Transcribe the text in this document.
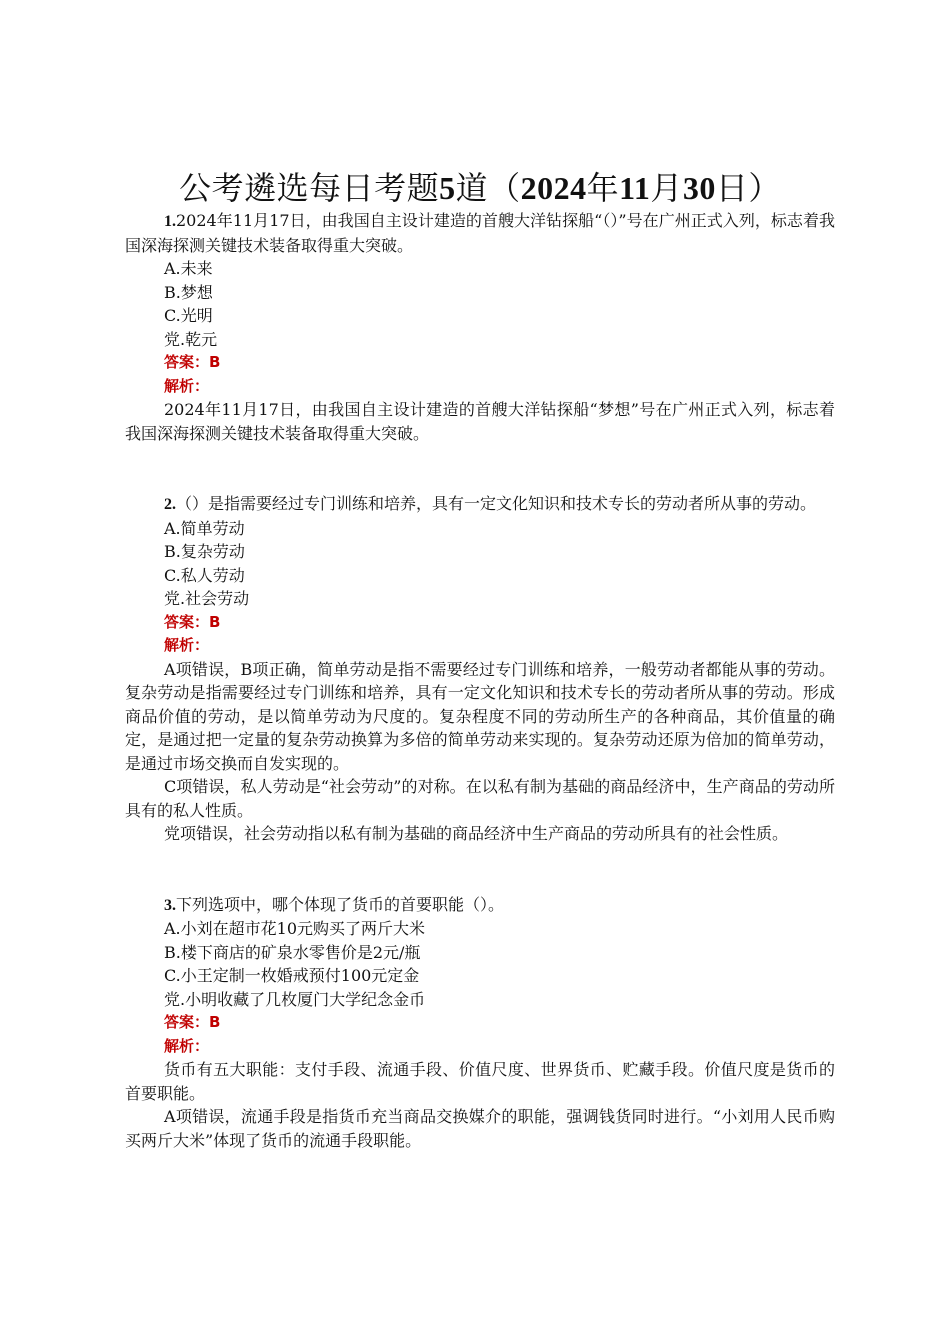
公考遴选每日考题5道（2024年11月30日）

1.2024年11月17日，由我国自主设计建造的首艘大洋钻探船“（）”号在广州正式入列，标志着我国深海探测关键技术装备取得重大突破。

A.未来

B.梦想

C.光明

党.乾元

答案：B

解析：

2024年11月17日，由我国自主设计建造的首艘大洋钻探船“梦想”号在广州正式入列，标志着我国深海探测关键技术装备取得重大突破。

2.（）是指需要经过专门训练和培养，具有一定文化知识和技术专长的劳动者所从事的劳动。

A.简单劳动

B.复杂劳动

C.私人劳动

党.社会劳动

答案：B

解析：

A项错误，B项正确，简单劳动是指不需要经过专门训练和培养，一般劳动者都能从事的劳动。复杂劳动是指需要经过专门训练和培养，具有一定文化知识和技术专长的劳动者所从事的劳动。形成商品价值的劳动，是以简单劳动为尺度的。复杂程度不同的劳动所生产的各种商品，其价值量的确定，是通过把一定量的复杂劳动换算为多倍的简单劳动来实现的。复杂劳动还原为倍加的简单劳动，是通过市场交换而自发实现的。

C项错误，私人劳动是“社会劳动”的对称。在以私有制为基础的商品经济中，生产商品的劳动所具有的私人性质。

党项错误，社会劳动指以私有制为基础的商品经济中生产商品的劳动所具有的社会性质。

3.下列选项中，哪个体现了货币的首要职能（）。

A.小刘在超市花10元购买了两斤大米

B.楼下商店的矿泉水零售价是2元/瓶

C.小王定制一枚婚戒预付100元定金

党.小明收藏了几枚厦门大学纪念金币

答案：B

解析：

货币有五大职能：支付手段、流通手段、价值尺度、世界货币、贮藏手段。价值尺度是货币的首要职能。

A项错误，流通手段是指货币充当商品交换媒介的职能，强调钱货同时进行。“小刘用人民币购买两斤大米”体现了货币的流通手段职能。
